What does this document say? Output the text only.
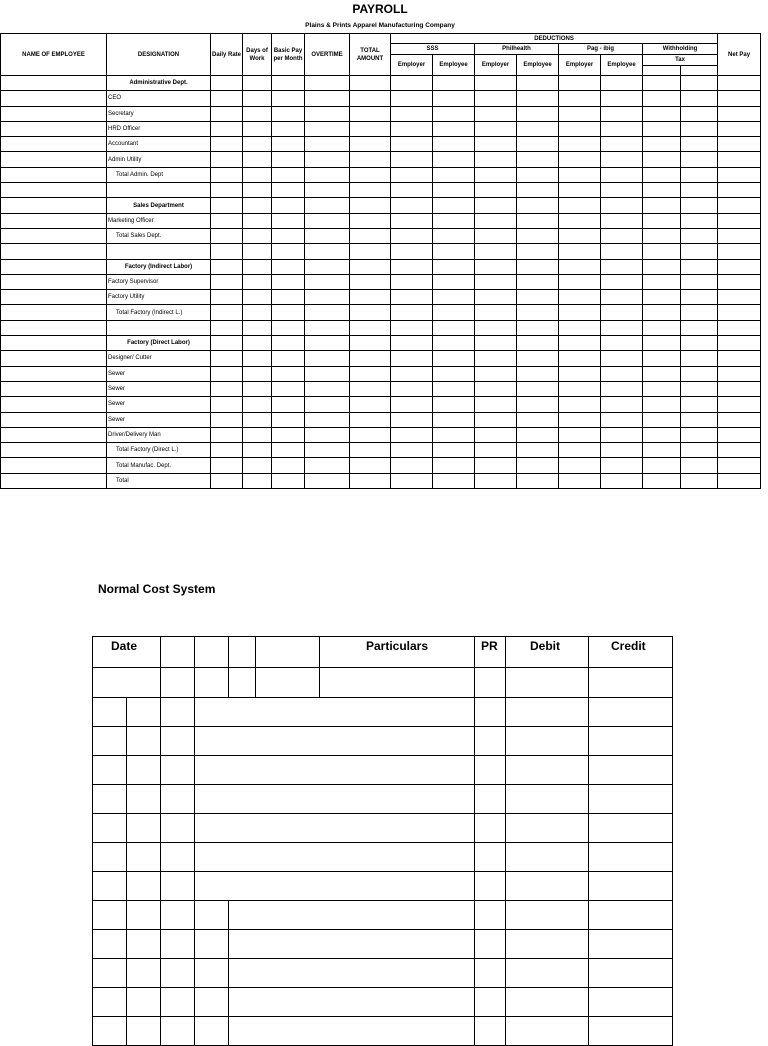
PAYROLL
Plains & Prints Apparel Manufacturing Company
NAME OF EMPLOYEE	DESIGNATION	Daily Rate	Days of Work	Basic Pay per Month	OVERTIME	TOTAL AMOUNT	DEDUCTIONS								Net Pay
							SSS		Philhealth		Pag - ibig		Withholding		
							Employer	Employee	Employer	Employee	Employer	Employee	Tax		

	Administrative Dept.														
	CEO														
	Secretary														
	HRD Officer														
	Accountant														
	Admin Utility														
	Total Admin. Dept														

	Sales Department														
	Marketing Officer														
	Total Sales Dept.														

	Factory (Indirect Labor)														
	Factory Supervisor														
	Factory Utility														
	Total Factory (Indirect L.)														

	Factory (Direct Labor)														
	Designer/ Cutter														
	Sewer														
	Sewer														
	Sewer														
	Sewer														
	Driver/Delivery Man														
	Total Factory (Direct L.)														
	Total Manufac. Dept.														
	Total														
Normal Cost System
Date						Particulars	PR	Debit	Credit
